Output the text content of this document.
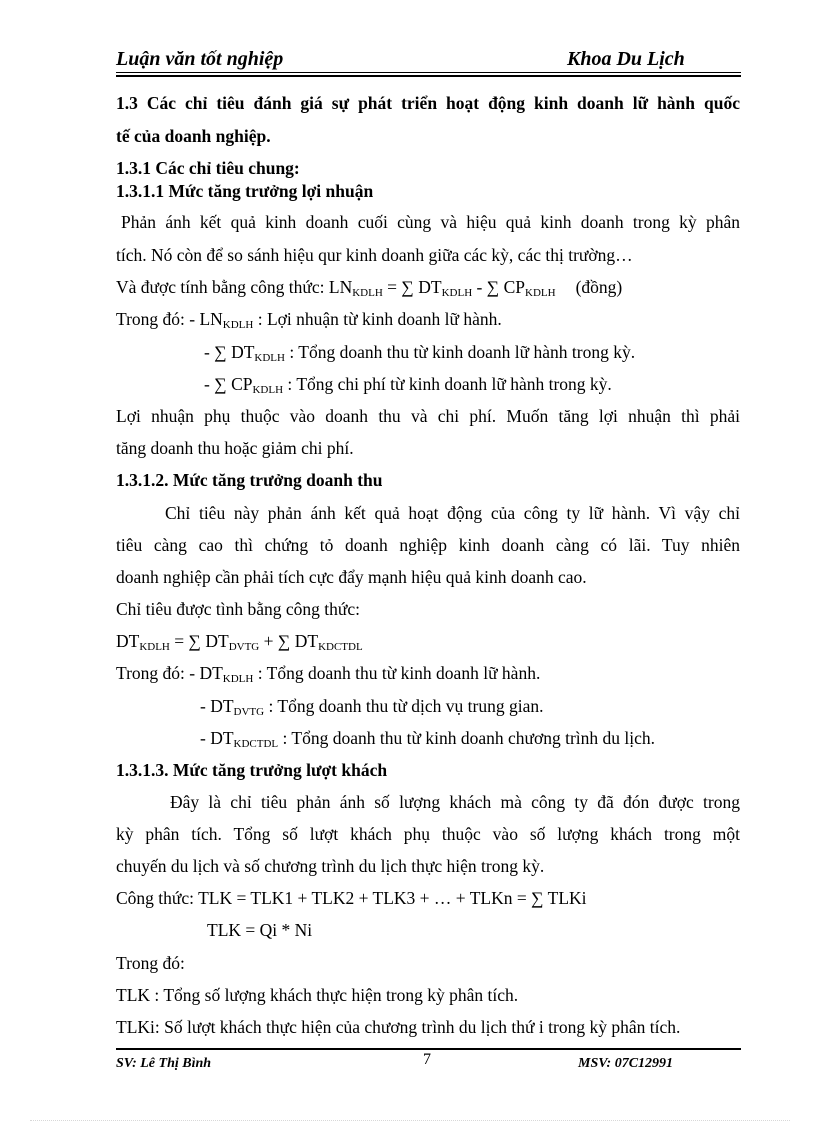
Luận văn tốt nghiệp	Khoa Du Lịch
1.3 Các chỉ tiêu đánh giá sự phát triển hoạt động kinh doanh lữ hành quốc
tế của doanh nghiệp.
1.3.1 Các chỉ tiêu chung:
1.3.1.1 Mức tăng trưởng lợi nhuận
Phản ánh kết quả kinh doanh cuối cùng và hiệu quả kinh doanh trong kỳ phân
tích. Nó còn để so sánh hiệu qur kinh doanh giữa các kỳ, các thị trường…
Và được tính bằng công thức: $LN_{KDLH}$ = ∑ $DT_{KDLH}$ - ∑ $CP_{KDLH}$ (đồng)
Trong đó: - $LN_{KDLH}$ : Lợi nhuận từ kinh doanh lữ hành.
- ∑ $DT_{KDLH}$ : Tổng doanh thu từ kinh doanh lữ hành trong kỳ.
- ∑ $CP_{KDLH}$ : Tổng chi phí từ kinh doanh lữ hành trong kỳ.
Lợi nhuận phụ thuộc vào doanh thu và chi phí. Muốn tăng lợi nhuận thì phải
tăng doanh thu hoặc giảm chi phí.
1.3.1.2. Mức tăng trưởng doanh thu
Chỉ tiêu này phản ánh kết quả hoạt động của công ty lữ hành. Vì vậy chỉ
tiêu càng cao thì chứng tỏ doanh nghiệp kinh doanh càng có lãi. Tuy nhiên
doanh nghiệp cần phải tích cực đẩy mạnh hiệu quả kinh doanh cao.
Chỉ tiêu được tình bằng công thức:
$DT_{KDLH}$ = ∑ $DT_{DVTG}$ + ∑ $DT_{KDCTDL}$
Trong đó: - $DT_{KDLH}$ : Tổng doanh thu từ kinh doanh lữ hành.
- $DT_{DVTG}$ : Tổng doanh thu từ dịch vụ trung gian.
- $DT_{KDCTDL}$ : Tổng doanh thu từ kinh doanh chương trình du lịch.
1.3.1.3. Mức tăng trưởng lượt khách
Đây là chỉ tiêu phản ánh số lượng khách mà công ty đã đón được trong
kỳ phân tích. Tổng số lượt khách phụ thuộc vào số lượng khách trong một
chuyến du lịch và số chương trình du lịch thực hiện trong kỳ.
Công thức: TLK = TLK1 + TLK2 + TLK3 + … + TLKn = ∑ TLKi
TLK = Qi * Ni
Trong đó:
TLK : Tổng số lượng khách thực hiện trong kỳ phân tích.
TLKi: Số lượt khách thực hiện của chương trình du lịch thứ i trong kỳ phân tích.
SV: Lê Thị Bình	7	MSV: 07C12991
